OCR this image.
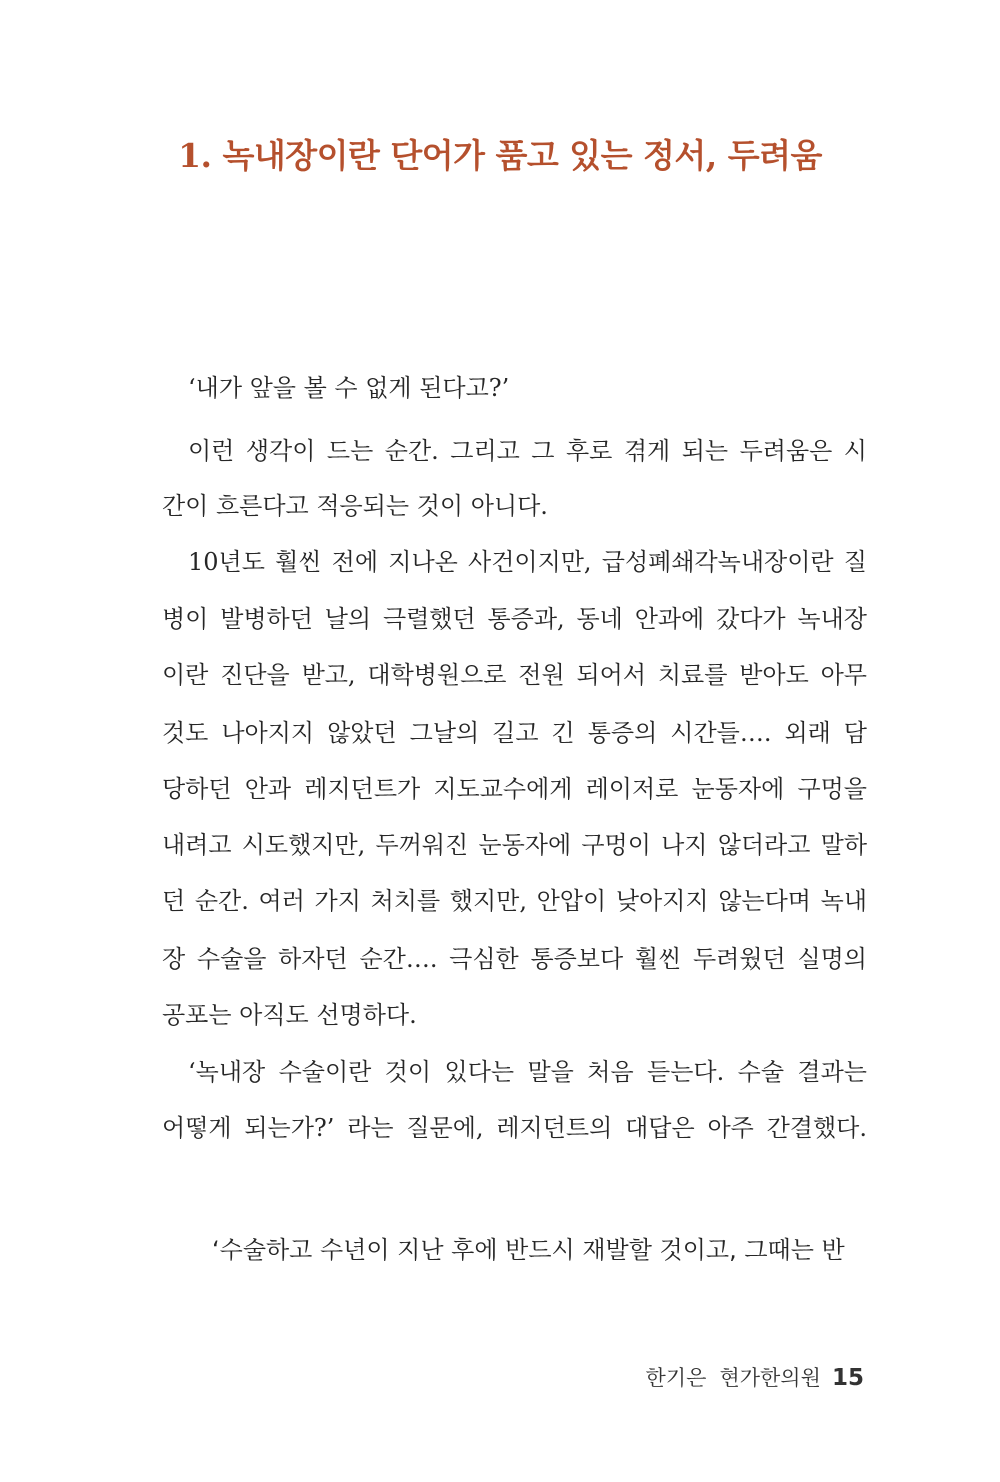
1. 녹내장이란 단어가 품고 있는 정서, 두려움

‘내가 앞을 볼 수 없게 된다고?’

이런 생각이 드는 순간. 그리고 그 후로 겪게 되는 두려움은 시

간이 흐른다고 적응되는 것이 아니다.

10년도 훨씬 전에 지나온 사건이지만, 급성폐쇄각녹내장이란 질

병이 발병하던 날의 극렬했던 통증과, 동네 안과에 갔다가 녹내장

이란 진단을 받고, 대학병원으로 전원 되어서 치료를 받아도 아무

것도 나아지지 않았던 그날의 길고 긴 통증의 시간들…. 외래 담

당하던 안과 레지던트가 지도교수에게 레이저로 눈동자에 구멍을

내려고 시도했지만, 두꺼워진 눈동자에 구멍이 나지 않더라고 말하

던 순간. 여러 가지 처치를 했지만, 안압이 낮아지지 않는다며 녹내

장 수술을 하자던 순간…. 극심한 통증보다 훨씬 두려웠던 실명의

공포는 아직도 선명하다.

‘녹내장 수술이란 것이 있다는 말을 처음 듣는다. 수술 결과는

어떻게 되는가?’ 라는 질문에, 레지던트의 대답은 아주 간결했다.

‘수술하고 수년이 지난 후에 반드시 재발할 것이고, 그때는 반

한기은 현가한의원 15
